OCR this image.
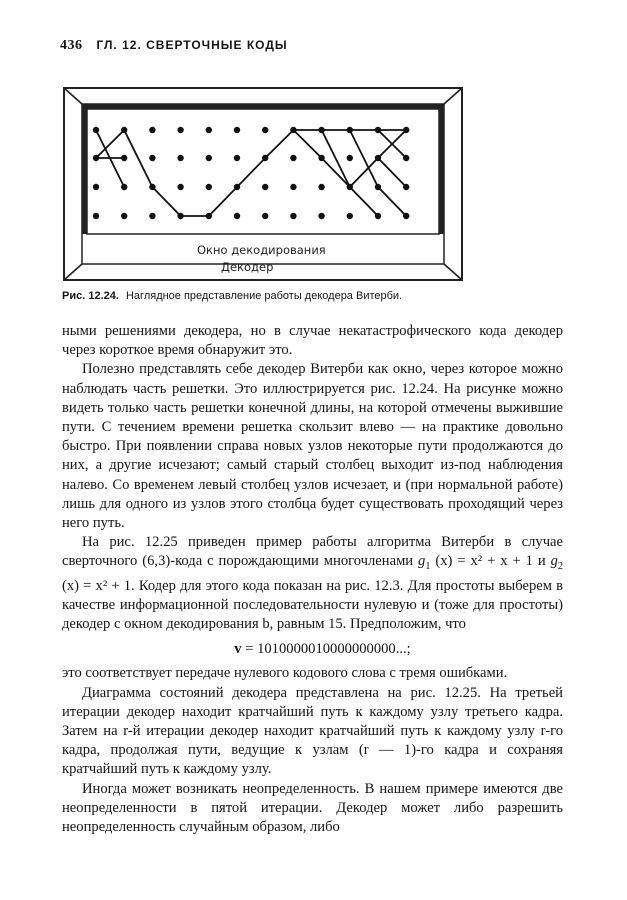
436 ГЛ. 12. СВЕРТОЧНЫЕ КОДЫ
Окно декодирования
Декодер
Рис. 12.24. Наглядное представление работы декодера Витерби.

ными решениями декодера, но в случае некатастрофического кода декодер через короткое время обнаружит это.

Полезно представлять себе декодер Витерби как окно, через которое можно наблюдать часть решетки. Это иллюстрируется рис. 12.24. На рисунке можно видеть только часть решетки конечной длины, на которой отмечены выжившие пути. С течением времени решетка скользит влево — на практике довольно быстро. При появлении справа новых узлов некоторые пути продолжаются до них, а другие исчезают; самый старый столбец выходит из-под наблюдения налево. Со временем левый столбец узлов исчезает, и (при нормальной работе) лишь для одного из узлов этого столбца будет существовать проходящий через него путь.

На рис. 12.25 приведен пример работы алгоритма Витерби в случае сверточного (6,3)-кода с порождающими многочленами $g_1$ (x) = x² + x + 1 и $g_2$ (x) = x² + 1. Кодер для этого кода показан на рис. 12.3. Для простоты выберем в качестве информационной последовательности нулевую и (тоже для простоты) декодер с окном декодирования b, равным 15. Предположим, что

v = 1010000010000000000...;

это соответствует передаче нулевого кодового слова с тремя ошибками.

Диаграмма состояний декодера представлена на рис. 12.25. На третьей итерации декодер находит кратчайший путь к каждому узлу третьего кадра. Затем на r-й итерации декодер находит кратчайший путь к каждому узлу r-го кадра, продолжая пути, ведущие к узлам (r — 1)-го кадра и сохраняя кратчайший путь к каждому узлу.

Иногда может возникать неопределенность. В нашем примере имеются две неопределенности в пятой итерации. Декодер может либо разрешить неопределенность случайным образом, либо
